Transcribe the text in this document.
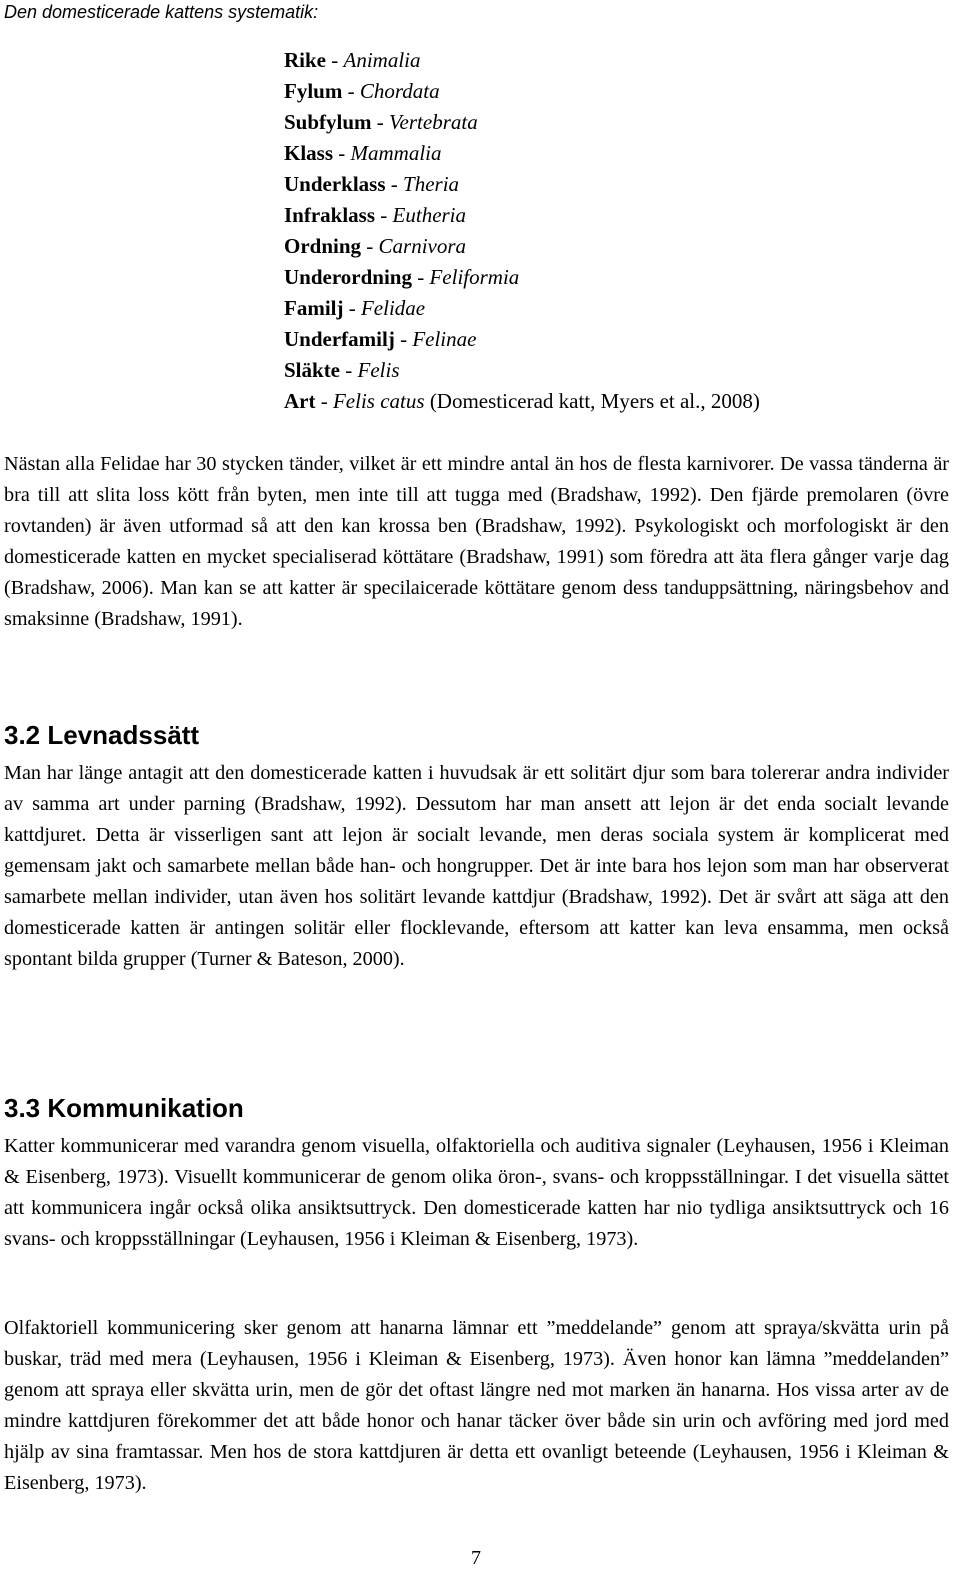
Den domesticerade kattens systematik:
Rike - Animalia
Fylum - Chordata
Subfylum - Vertebrata
Klass - Mammalia
Underklass - Theria
Infraklass - Eutheria
Ordning - Carnivora
Underordning - Feliformia
Familj - Felidae
Underfamilj - Felinae
Släkte - Felis
Art - Felis catus (Domesticerad katt, Myers et al., 2008)

Nästan alla Felidae har 30 stycken tänder, vilket är ett mindre antal än hos de flesta karnivorer. De vassa tänderna är bra till att slita loss kött från byten, men inte till att tugga med (Bradshaw, 1992). Den fjärde premolaren (övre rovtanden) är även utformad så att den kan krossa ben (Bradshaw, 1992). Psykologiskt och morfologiskt är den domesticerade katten en mycket specialiserad köttätare (Bradshaw, 1991) som föredra att äta flera gånger varje dag (Bradshaw, 2006). Man kan se att katter är specilaicerade köttätare genom dess tanduppsättning, näringsbehov and smaksinne (Bradshaw, 1991).

3.2 Levnadssätt

Man har länge antagit att den domesticerade katten i huvudsak är ett solitärt djur som bara tolererar andra individer av samma art under parning (Bradshaw, 1992). Dessutom har man ansett att lejon är det enda socialt levande kattdjuret. Detta är visserligen sant att lejon är socialt levande, men deras sociala system är komplicerat med gemensam jakt och samarbete mellan både han- och hongrupper. Det är inte bara hos lejon som man har observerat samarbete mellan individer, utan även hos solitärt levande kattdjur (Bradshaw, 1992). Det är svårt att säga att den domesticerade katten är antingen solitär eller flocklevande, eftersom att katter kan leva ensamma, men också spontant bilda grupper (Turner & Bateson, 2000).

3.3 Kommunikation

Katter kommunicerar med varandra genom visuella, olfaktoriella och auditiva signaler (Leyhausen, 1956 i Kleiman & Eisenberg, 1973). Visuellt kommunicerar de genom olika öron-, svans- och kroppsställningar. I det visuella sättet att kommunicera ingår också olika ansiktsuttryck. Den domesticerade katten har nio tydliga ansiktsuttryck och 16 svans- och kroppsställningar (Leyhausen, 1956 i Kleiman & Eisenberg, 1973).

Olfaktoriell kommunicering sker genom att hanarna lämnar ett ”meddelande” genom att spraya/skvätta urin på buskar, träd med mera (Leyhausen, 1956 i Kleiman & Eisenberg, 1973). Även honor kan lämna ”meddelanden” genom att spraya eller skvätta urin, men de gör det oftast längre ned mot marken än hanarna. Hos vissa arter av de mindre kattdjuren förekommer det att både honor och hanar täcker över både sin urin och avföring med jord med hjälp av sina framtassar. Men hos de stora kattdjuren är detta ett ovanligt beteende (Leyhausen, 1956 i Kleiman & Eisenberg, 1973).

7
